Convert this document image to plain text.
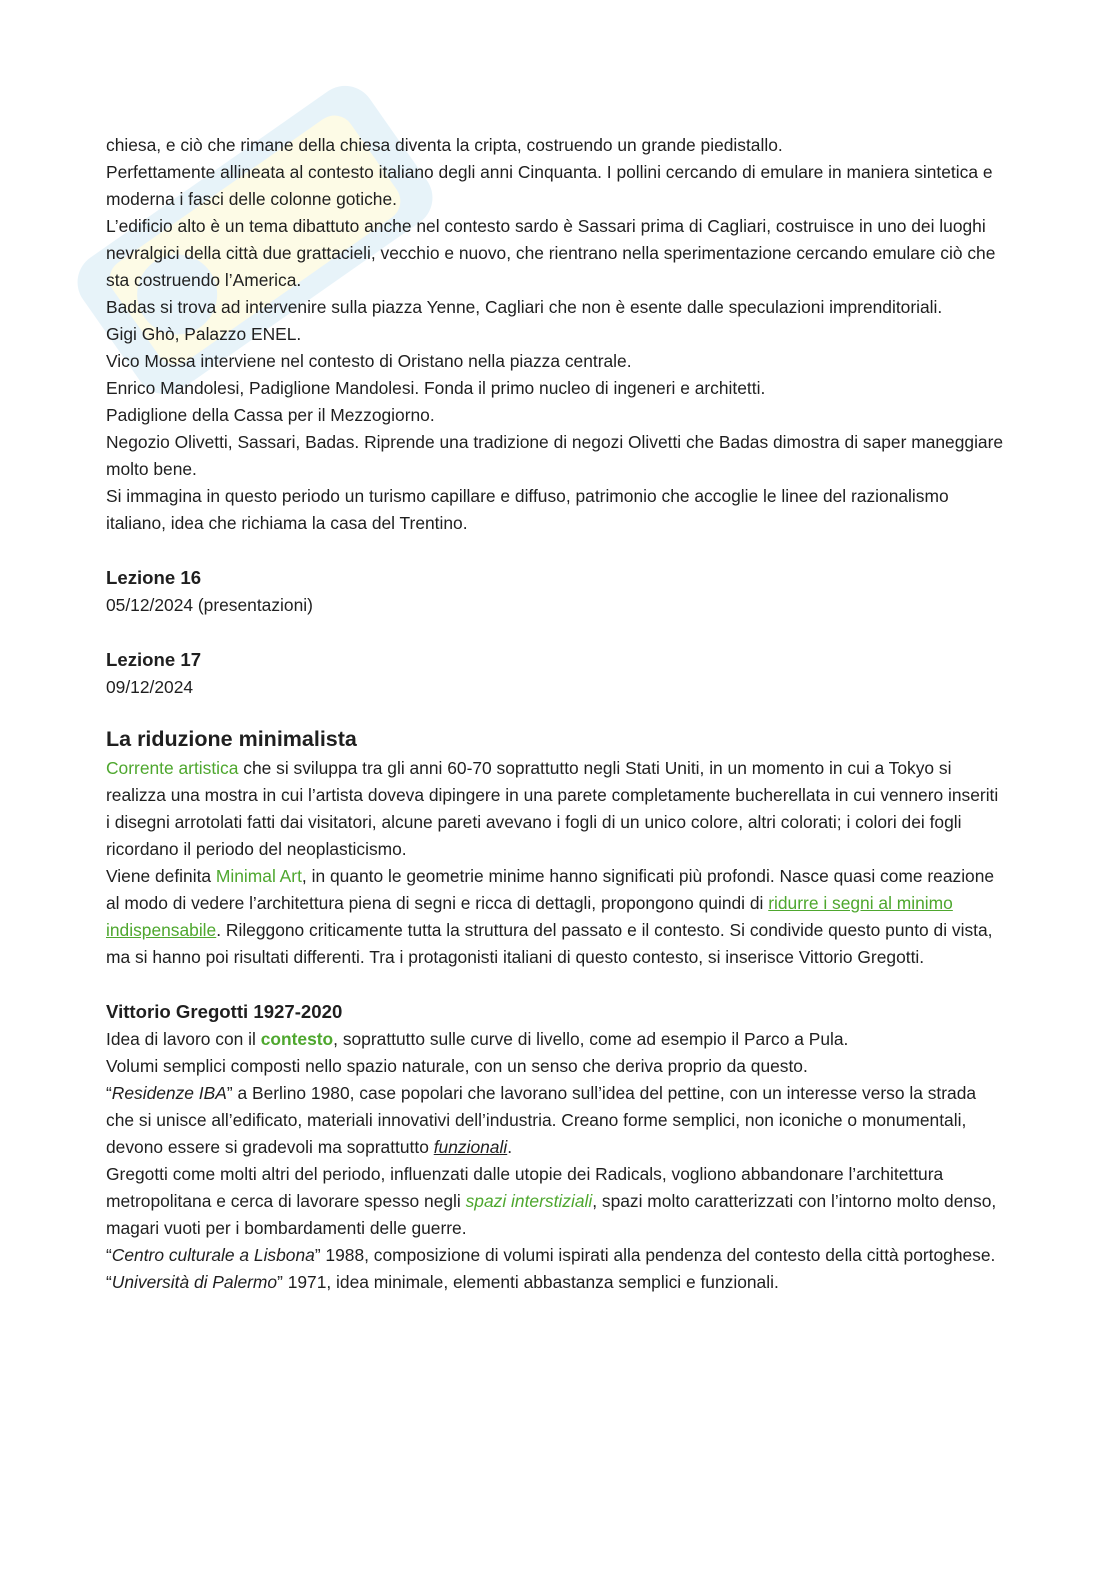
chiesa, e ciò che rimane della chiesa diventa la cripta, costruendo un grande piedistallo.

Perfettamente allineata al contesto italiano degli anni Cinquanta. I pollini cercando di emulare in maniera sintetica e moderna i fasci delle colonne gotiche.

L’edificio alto è un tema dibattuto anche nel contesto sardo è Sassari prima di Cagliari, costruisce in uno dei luoghi nevralgici della città due grattacieli, vecchio e nuovo, che rientrano nella sperimentazione cercando emulare ciò che sta costruendo l’America.

Badas si trova ad intervenire sulla piazza Yenne, Cagliari che non è esente dalle speculazioni imprenditoriali.

Gigi Ghò, Palazzo ENEL.

Vico Mossa interviene nel contesto di Oristano nella piazza centrale.

Enrico Mandolesi, Padiglione Mandolesi. Fonda il primo nucleo di ingeneri e architetti.

Padiglione della Cassa per il Mezzogiorno.

Negozio Olivetti, Sassari, Badas. Riprende una tradizione di negozi Olivetti che Badas dimostra di saper maneggiare molto bene.

Si immagina in questo periodo un turismo capillare e diffuso, patrimonio che accoglie le linee del razionalismo italiano, idea che richiama la casa del Trentino.

Lezione 16

05/12/2024 (presentazioni)

Lezione 17

09/12/2024

La riduzione minimalista

Corrente artistica che si sviluppa tra gli anni 60-70 soprattutto negli Stati Uniti, in un momento in cui a Tokyo si realizza una mostra in cui l’artista doveva dipingere in una parete completamente bucherellata in cui vennero inseriti i disegni arrotolati fatti dai visitatori, alcune pareti avevano i fogli di un unico colore, altri colorati; i colori dei fogli ricordano il periodo del neoplasticismo.

Viene definita Minimal Art, in quanto le geometrie minime hanno significati più profondi. Nasce quasi come reazione al modo di vedere l’architettura piena di segni e ricca di dettagli, propongono quindi di ridurre i segni al minimo indispensabile. Rileggono criticamente tutta la struttura del passato e il contesto. Si condivide questo punto di vista, ma si hanno poi risultati differenti. Tra i protagonisti italiani di questo contesto, si inserisce Vittorio Gregotti.

Vittorio Gregotti 1927-2020

Idea di lavoro con il contesto, soprattutto sulle curve di livello, come ad esempio il Parco a Pula.

Volumi semplici composti nello spazio naturale, con un senso che deriva proprio da questo.

“Residenze IBA” a Berlino 1980, case popolari che lavorano sull’idea del pettine, con un interesse verso la strada che si unisce all’edificato, materiali innovativi dell’industria. Creano forme semplici, non iconiche o monumentali, devono essere si gradevoli ma soprattutto funzionali.

Gregotti come molti altri del periodo, influenzati dalle utopie dei Radicals, vogliono abbandonare l’architettura metropolitana e cerca di lavorare spesso negli spazi interstiziali, spazi molto caratterizzati con l’intorno molto denso, magari vuoti per i bombardamenti delle guerre.

“Centro culturale a Lisbona” 1988, composizione di volumi ispirati alla pendenza del contesto della città portoghese.

“Università di Palermo” 1971, idea minimale, elementi abbastanza semplici e funzionali.
